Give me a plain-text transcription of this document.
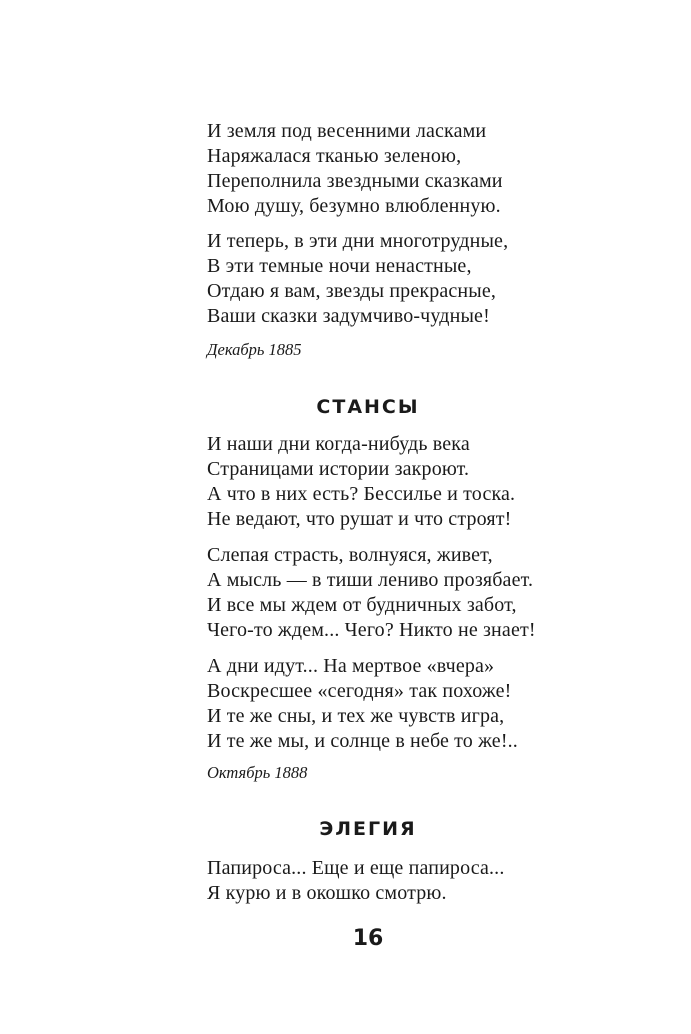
И земля под весенними ласками
Наряжалася тканью зеленою,
Переполнила звездными сказками
Мою душу, безумно влюбленную.
И теперь, в эти дни многотрудные,
В эти темные ночи ненастные,
Отдаю я вам, звезды прекрасные,
Ваши сказки задумчиво-чудные!
Декабрь 1885
СТАНСЫ
И наши дни когда-нибудь века
Страницами истории закроют.
А что в них есть? Бессилье и тоска.
Не ведают, что рушат и что строят!
Слепая страсть, волнуяся, живет,
А мысль — в тиши лениво прозябает.
И все мы ждем от будничных забот,
Чего-то ждем... Чего? Никто не знает!
А дни идут... На мертвое «вчера»
Воскресшее «сегодня» так похоже!
И те же сны, и тех же чувств игра,
И те же мы, и солнце в небе то же!..
Октябрь 1888
ЭЛЕГИЯ
Папироса... Еще и еще папироса...
Я курю и в окошко смотрю.
16
